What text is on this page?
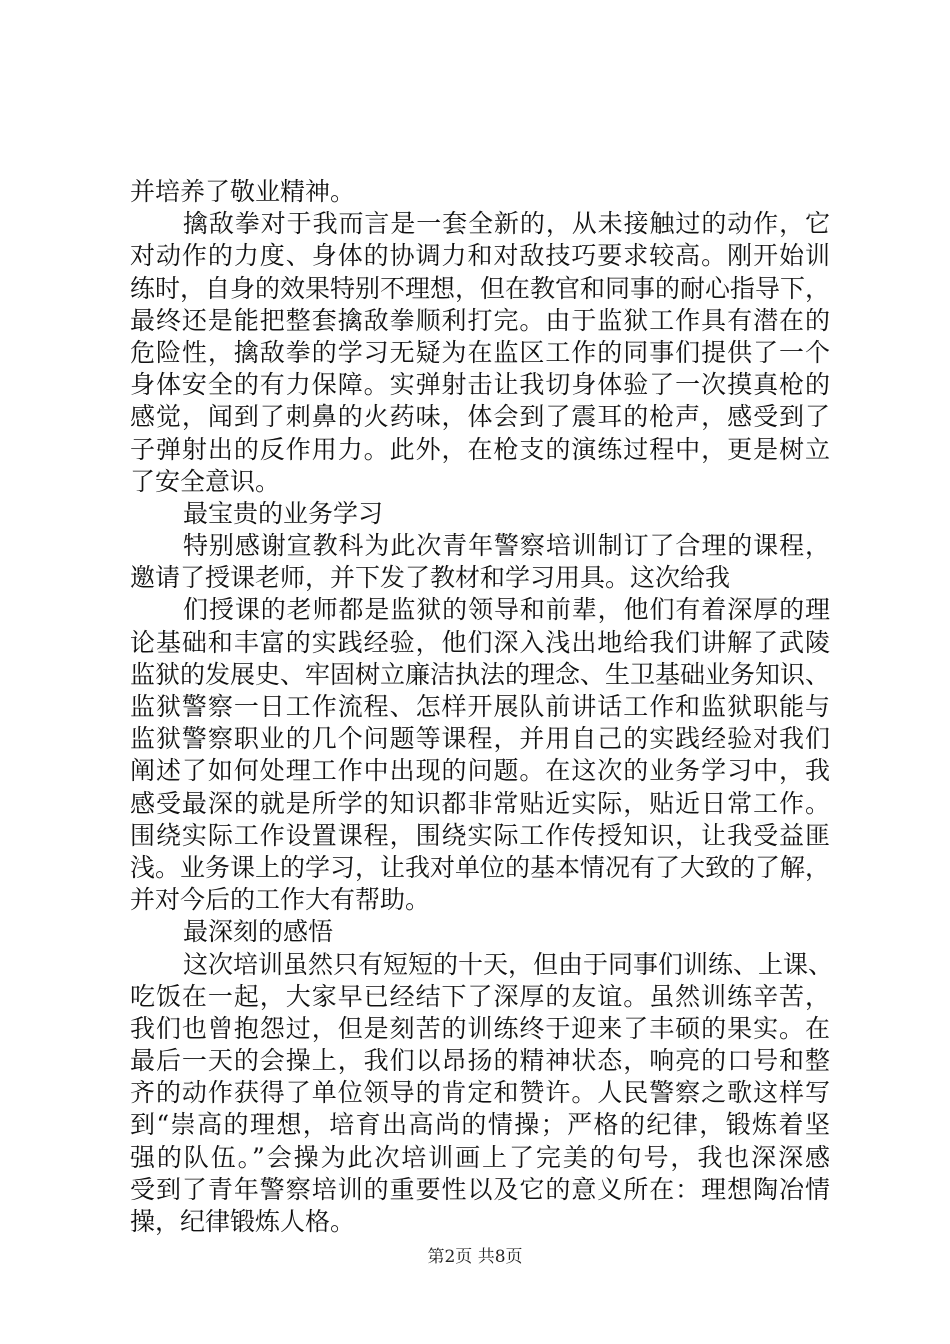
并培养了敬业精神。
擒敌拳对于我而言是一套全新的，从未接触过的动作，它
对动作的力度、身体的协调力和对敌技巧要求较高。刚开始训
练时，自身的效果特别不理想，但在教官和同事的耐心指导下，
最终还是能把整套擒敌拳顺利打完。由于监狱工作具有潜在的
危险性，擒敌拳的学习无疑为在监区工作的同事们提供了一个
身体安全的有力保障。实弹射击让我切身体验了一次摸真枪的
感觉，闻到了刺鼻的火药味，体会到了震耳的枪声，感受到了
子弹射出的反作用力。此外，在枪支的演练过程中，更是树立
了安全意识。
最宝贵的业务学习
特别感谢宣教科为此次青年警察培训制订了合理的课程，
邀请了授课老师，并下发了教材和学习用具。这次给我
们授课的老师都是监狱的领导和前辈，他们有着深厚的理
论基础和丰富的实践经验，他们深入浅出地给我们讲解了武陵
监狱的发展史、牢固树立廉洁执法的理念、生卫基础业务知识、
监狱警察一日工作流程、怎样开展队前讲话工作和监狱职能与
监狱警察职业的几个问题等课程，并用自己的实践经验对我们
阐述了如何处理工作中出现的问题。在这次的业务学习中，我
感受最深的就是所学的知识都非常贴近实际，贴近日常工作。
围绕实际工作设置课程，围绕实际工作传授知识，让我受益匪
浅。业务课上的学习，让我对单位的基本情况有了大致的了解，
并对今后的工作大有帮助。
最深刻的感悟
这次培训虽然只有短短的十天，但由于同事们训练、上课、
吃饭在一起，大家早已经结下了深厚的友谊。虽然训练辛苦，
我们也曾抱怨过，但是刻苦的训练终于迎来了丰硕的果实。在
最后一天的会操上，我们以昂扬的精神状态，响亮的口号和整
齐的动作获得了单位领导的肯定和赞许。人民警察之歌这样写
到“崇高的理想，培育出高尚的情操；严格的纪律，锻炼着坚
强的队伍。”会操为此次培训画上了完美的句号，我也深深感
受到了青年警察培训的重要性以及它的意义所在：理想陶冶情
操，纪律锻炼人格。
第2页 共8页
